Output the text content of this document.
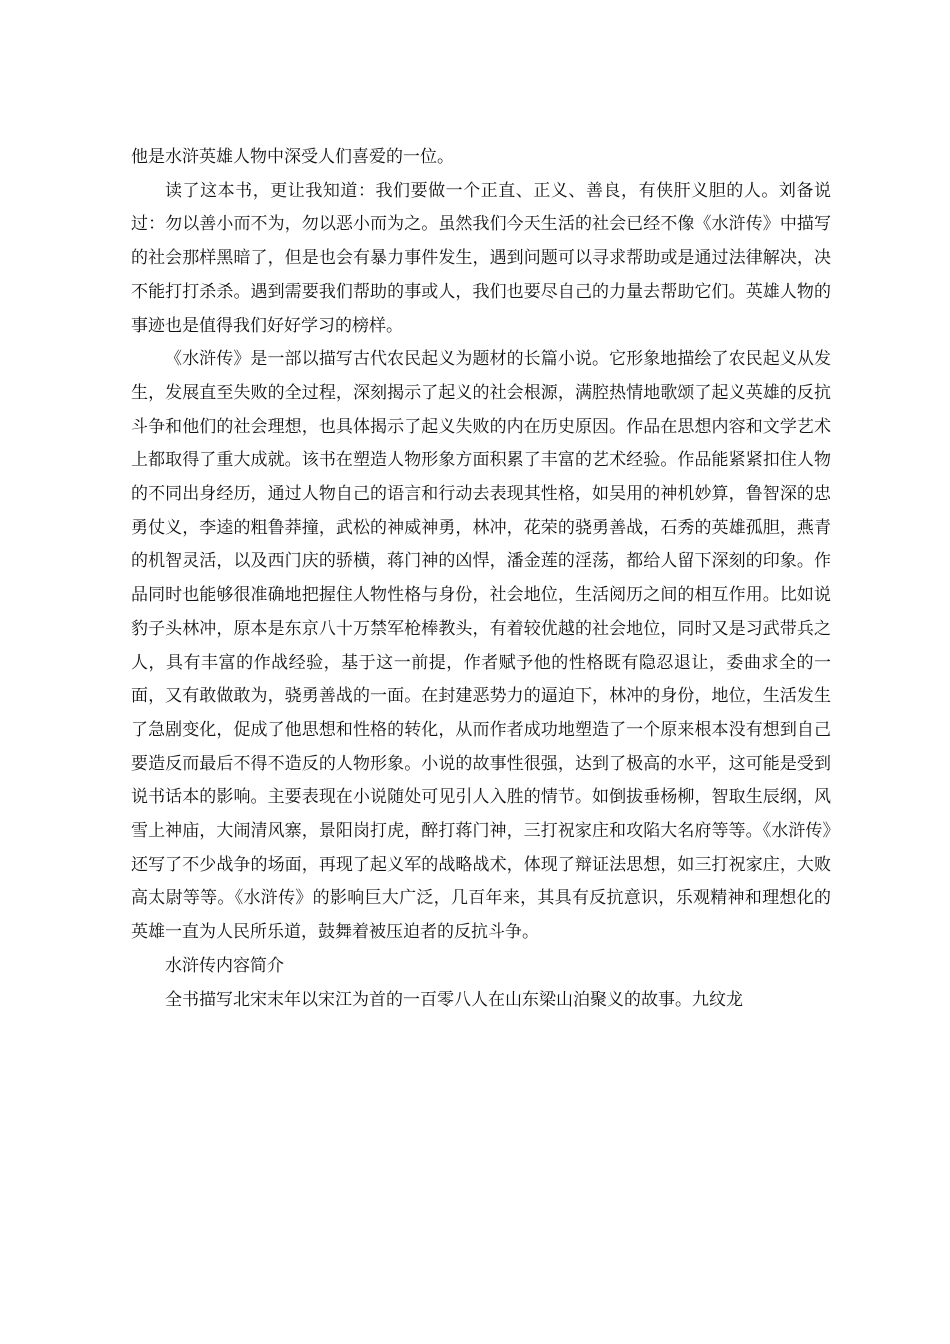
他是水浒英雄人物中深受人们喜爱的一位。

读了这本书，更让我知道：我们要做一个正直、正义、善良，有侠肝义胆的人。刘备说过：勿以善小而不为，勿以恶小而为之。虽然我们今天生活的社会已经不像《水浒传》中描写的社会那样黑暗了，但是也会有暴力事件发生，遇到问题可以寻求帮助或是通过法律解决，决不能打打杀杀。遇到需要我们帮助的事或人，我们也要尽自己的力量去帮助它们。英雄人物的事迹也是值得我们好好学习的榜样。

《水浒传》是一部以描写古代农民起义为题材的长篇小说。它形象地描绘了农民起义从发生，发展直至失败的全过程，深刻揭示了起义的社会根源，满腔热情地歌颂了起义英雄的反抗斗争和他们的社会理想，也具体揭示了起义失败的内在历史原因。作品在思想内容和文学艺术上都取得了重大成就。该书在塑造人物形象方面积累了丰富的艺术经验。作品能紧紧扣住人物的不同出身经历，通过人物自己的语言和行动去表现其性格，如吴用的神机妙算，鲁智深的忠勇仗义，李逵的粗鲁莽撞，武松的神威神勇，林冲，花荣的骁勇善战，石秀的英雄孤胆，燕青的机智灵活，以及西门庆的骄横，蒋门神的凶悍，潘金莲的淫荡，都给人留下深刻的印象。作品同时也能够很准确地把握住人物性格与身份，社会地位，生活阅历之间的相互作用。比如说豹子头林冲，原本是东京八十万禁军枪棒教头，有着较优越的社会地位，同时又是习武带兵之人，具有丰富的作战经验，基于这一前提，作者赋予他的性格既有隐忍退让，委曲求全的一面，又有敢做敢为，骁勇善战的一面。在封建恶势力的逼迫下，林冲的身份，地位，生活发生了急剧变化，促成了他思想和性格的转化，从而作者成功地塑造了一个原来根本没有想到自己要造反而最后不得不造反的人物形象。小说的故事性很强，达到了极高的水平，这可能是受到说书话本的影响。主要表现在小说随处可见引人入胜的情节。如倒拔垂杨柳，智取生辰纲，风雪上神庙，大闹清风寨，景阳岗打虎，醉打蒋门神，三打祝家庄和攻陷大名府等等。《水浒传》还写了不少战争的场面，再现了起义军的战略战术，体现了辩证法思想，如三打祝家庄，大败高太尉等等。《水浒传》的影响巨大广泛，几百年来，其具有反抗意识，乐观精神和理想化的英雄一直为人民所乐道，鼓舞着被压迫者的反抗斗争。

水浒传内容简介

全书描写北宋末年以宋江为首的一百零八人在山东梁山泊聚义的故事。九纹龙
